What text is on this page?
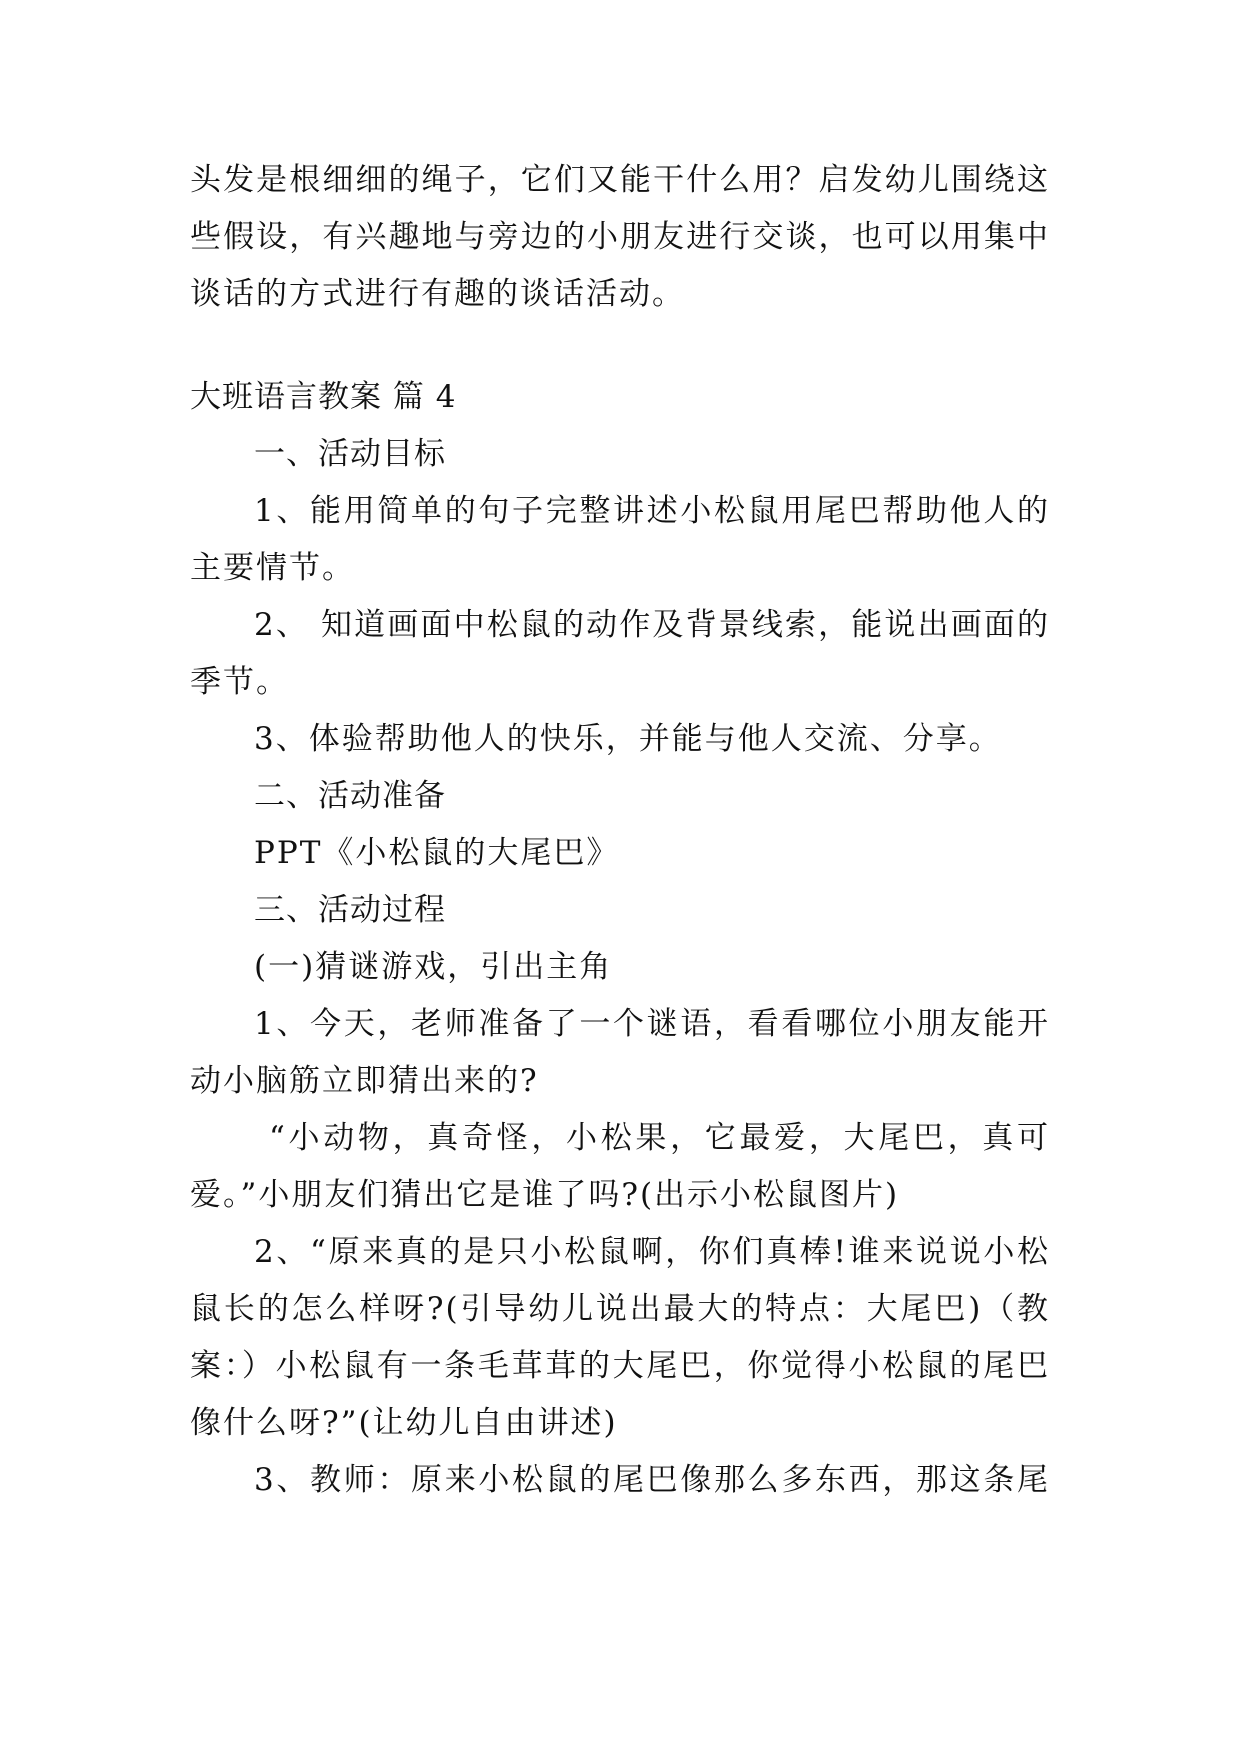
头发是根细细的绳子，它们又能干什么用？启发幼儿围绕这
些假设，有兴趣地与旁边的小朋友进行交谈，也可以用集中
谈话的方式进行有趣的谈话活动。
大班语言教案 篇 4
一、活动目标
1、能用简单的句子完整讲述小松鼠用尾巴帮助他人的
主要情节。
2、 知道画面中松鼠的动作及背景线索，能说出画面的
季节。
3、体验帮助他人的快乐，并能与他人交流、分享。
二、活动准备
PPT《小松鼠的大尾巴》
三、活动过程
(一)猜谜游戏，引出主角
1、今天，老师准备了一个谜语，看看哪位小朋友能开
动小脑筋立即猜出来的?
“小动物，真奇怪，小松果，它最爱，大尾巴，真可
爱。”小朋友们猜出它是谁了吗?(出示小松鼠图片)
2、“原来真的是只小松鼠啊，你们真棒!谁来说说小松
鼠长的怎么样呀?(引导幼儿说出最大的特点：大尾巴)（教
案：）小松鼠有一条毛茸茸的大尾巴，你觉得小松鼠的尾巴
像什么呀?”(让幼儿自由讲述)
3、教师：原来小松鼠的尾巴像那么多东西，那这条尾
